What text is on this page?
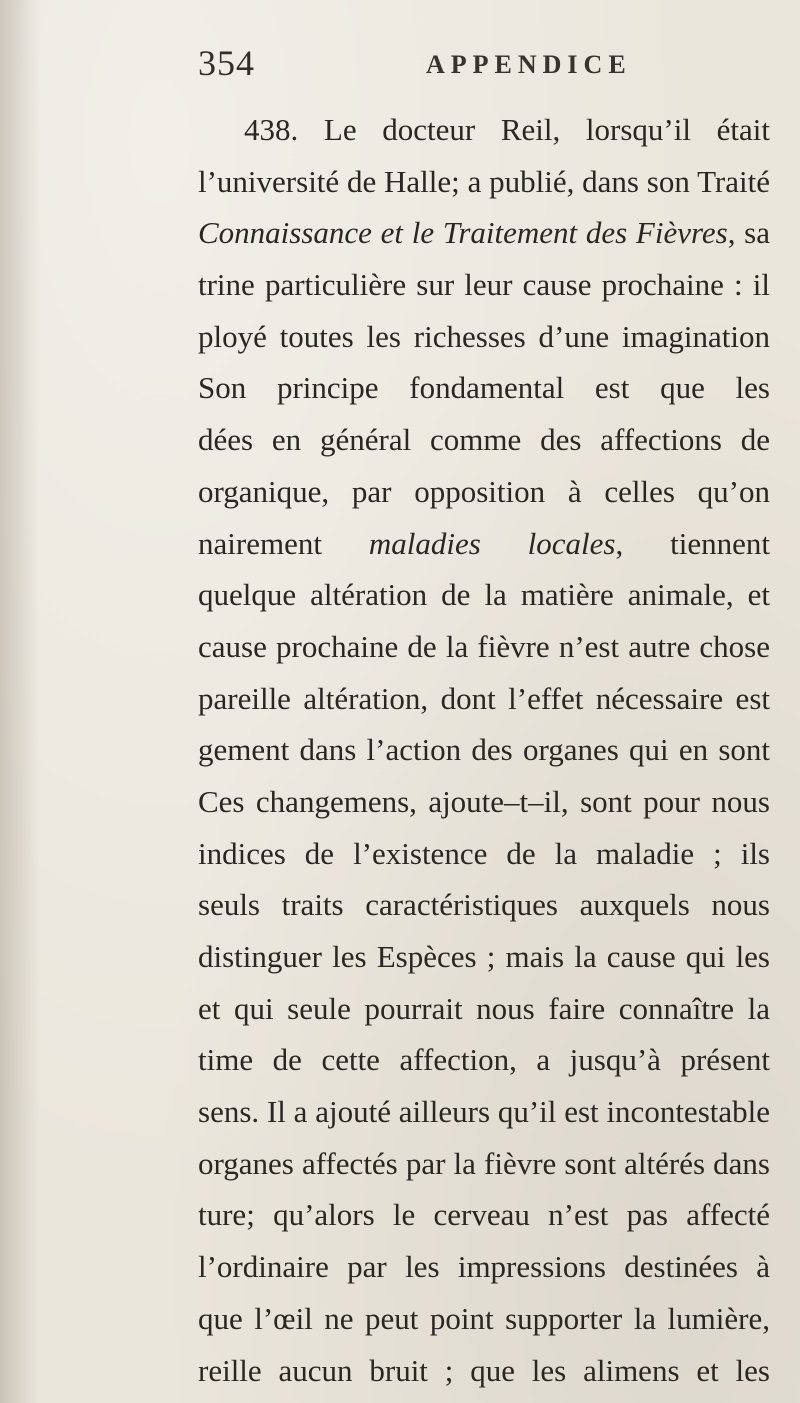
354	APPENDICE
438. Le docteur Reil, lorsqu’il était
l’université de Halle; a publié, dans son Traité
Connaissance et le Traitement des Fièvres, sa
trine particulière sur leur cause prochaine : il
ployé toutes les richesses d’une imagination
Son principe fondamental est que les
dées en général comme des affections de
organique, par opposition à celles qu’on
nairement maladies locales, tiennent
quelque altération de la matière animale, et
cause prochaine de la fièvre n’est autre chose
pareille altération, dont l’effet nécessaire est
gement dans l’action des organes qui en sont
Ces changemens, ajoute–t–il, sont pour nous
indices de l’existence de la maladie ; ils
seuls traits caractéristiques auxquels nous
distinguer les Espèces ; mais la cause qui les
et qui seule pourrait nous faire connaître la
time de cette affection, a jusqu’à présent
sens. Il a ajouté ailleurs qu’il est incontestable
organes affectés par la fièvre sont altérés dans
ture; qu’alors le cerveau n’est pas affecté
l’ordinaire par les impressions destinées à
que l’œil ne peut point supporter la lumière,
reille aucun bruit ; que les alimens et les
